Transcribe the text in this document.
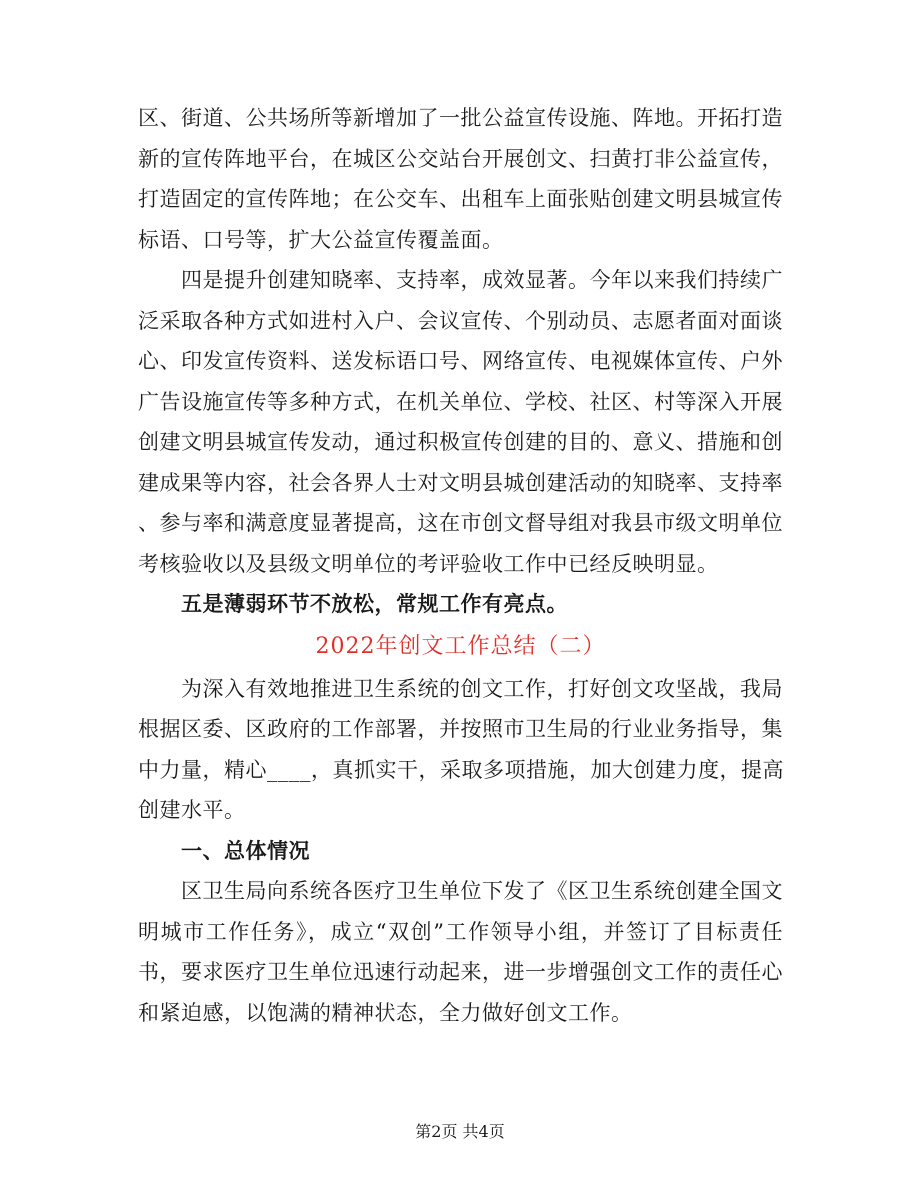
区、街道、公共场所等新增加了一批公益宣传设施、阵地。开拓打造
新的宣传阵地平台，在城区公交站台开展创文、扫黄打非公益宣传，
打造固定的宣传阵地；在公交车、出租车上面张贴创建文明县城宣传
标语、口号等，扩大公益宣传覆盖面。
　　四是提升创建知晓率、支持率，成效显著。今年以来我们持续广
泛采取各种方式如进村入户、会议宣传、个别动员、志愿者面对面谈
心、印发宣传资料、送发标语口号、网络宣传、电视媒体宣传、户外
广告设施宣传等多种方式，在机关单位、学校、社区、村等深入开展
创建文明县城宣传发动，通过积极宣传创建的目的、意义、措施和创
建成果等内容，社会各界人士对文明县城创建活动的知晓率、支持率
、参与率和满意度显著提高，这在市创文督导组对我县市级文明单位
考核验收以及县级文明单位的考评验收工作中已经反映明显。
　　五是薄弱环节不放松，常规工作有亮点。
2022年创文工作总结（二）
　　为深入有效地推进卫生系统的创文工作，打好创文攻坚战，我局
根据区委、区政府的工作部署，并按照市卫生局的行业业务指导，集
中力量，精心____，真抓实干，采取多项措施，加大创建力度，提高
创建水平。
　　一、总体情况
　　区卫生局向系统各医疗卫生单位下发了《区卫生系统创建全国文
明城市工作任务》，成立“双创”工作领导小组，并签订了目标责任
书，要求医疗卫生单位迅速行动起来，进一步增强创文工作的责任心
和紧迫感，以饱满的精神状态，全力做好创文工作。
第2页 共4页
